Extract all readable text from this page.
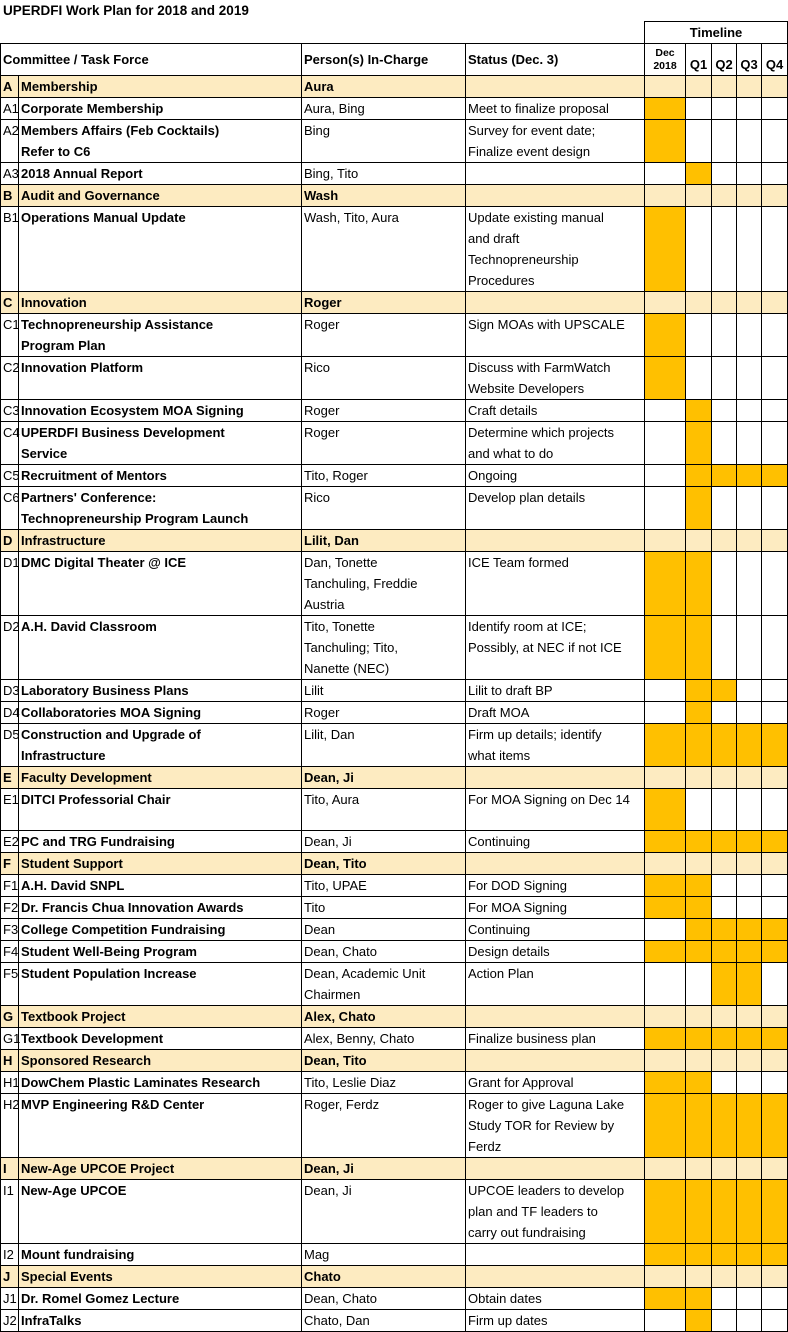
UPERDFI Work Plan for 2018 and 2019
				Timeline				
Committee / Task Force		Person(s) In-Charge	Status (Dec. 3)	Dec 2018	Q1	Q2	Q3	Q4
A	Membership	Aura						
A1	Corporate Membership	Aura, Bing	Meet to finalize proposal					
A2	Members Affairs (Feb Cocktails)
Refer to C6	Bing	Survey for event date;
Finalize event design					
A3	2018 Annual Report	Bing, Tito						
B	Audit and Governance	Wash						
B1	Operations Manual Update	Wash, Tito, Aura	Update existing manual
and draft
Technopreneurship
Procedures					
C	Innovation	Roger						
C1	Technopreneurship Assistance
Program Plan	Roger	Sign MOAs with UPSCALE					
C2	Innovation Platform	Rico	Discuss with FarmWatch
Website Developers					
C3	Innovation Ecosystem MOA Signing	Roger	Craft details					
C4	UPERDFI Business Development
Service	Roger	Determine which projects
and what to do					
C5	Recruitment of Mentors	Tito, Roger	Ongoing					
C6	Partners' Conference:
Technopreneurship Program Launch	Rico	Develop plan details					
D	Infrastructure	Lilit, Dan						
D1	DMC Digital Theater @ ICE	Dan, Tonette
Tanchuling, Freddie
Austria	ICE Team formed					
D2	A.H. David Classroom	Tito, Tonette
Tanchuling; Tito,
Nanette (NEC)	Identify room at ICE;
Possibly, at NEC if not ICE					
D3	Laboratory Business Plans	Lilit	Lilit to draft BP					
D4	Collaboratories MOA Signing	Roger	Draft MOA					
D5	Construction and Upgrade of
Infrastructure	Lilit, Dan	Firm up details; identify
what items					
E	Faculty Development	Dean, Ji						
E1	DITCI Professorial Chair	Tito, Aura	For MOA Signing on Dec 14					
E2	PC and TRG Fundraising	Dean, Ji	Continuing					
F	Student Support	Dean, Tito						
F1	A.H. David SNPL	Tito, UPAE	For DOD Signing					
F2	Dr. Francis Chua Innovation Awards	Tito	For MOA Signing					
F3	College Competition Fundraising	Dean	Continuing					
F4	Student Well-Being Program	Dean, Chato	Design details					
F5	Student Population Increase	Dean, Academic Unit
Chairmen	Action Plan					
G	Textbook Project	Alex, Chato						
G1	Textbook Development	Alex, Benny, Chato	Finalize business plan					
H	Sponsored Research	Dean, Tito						
H1	DowChem Plastic Laminates Research	Tito, Leslie Diaz	Grant for Approval					
H2	MVP Engineering R&D Center	Roger, Ferdz	Roger to give Laguna Lake
Study TOR for Review by
Ferdz					
I	New-Age UPCOE Project	Dean, Ji						
I1	New-Age UPCOE	Dean, Ji	UPCOE leaders to develop
plan and TF leaders to
carry out fundraising					
I2	Mount fundraising	Mag						
J	Special Events	Chato						
J1	Dr. Romel Gomez Lecture	Dean, Chato	Obtain dates					
J2	InfraTalks	Chato, Dan	Firm up dates					
